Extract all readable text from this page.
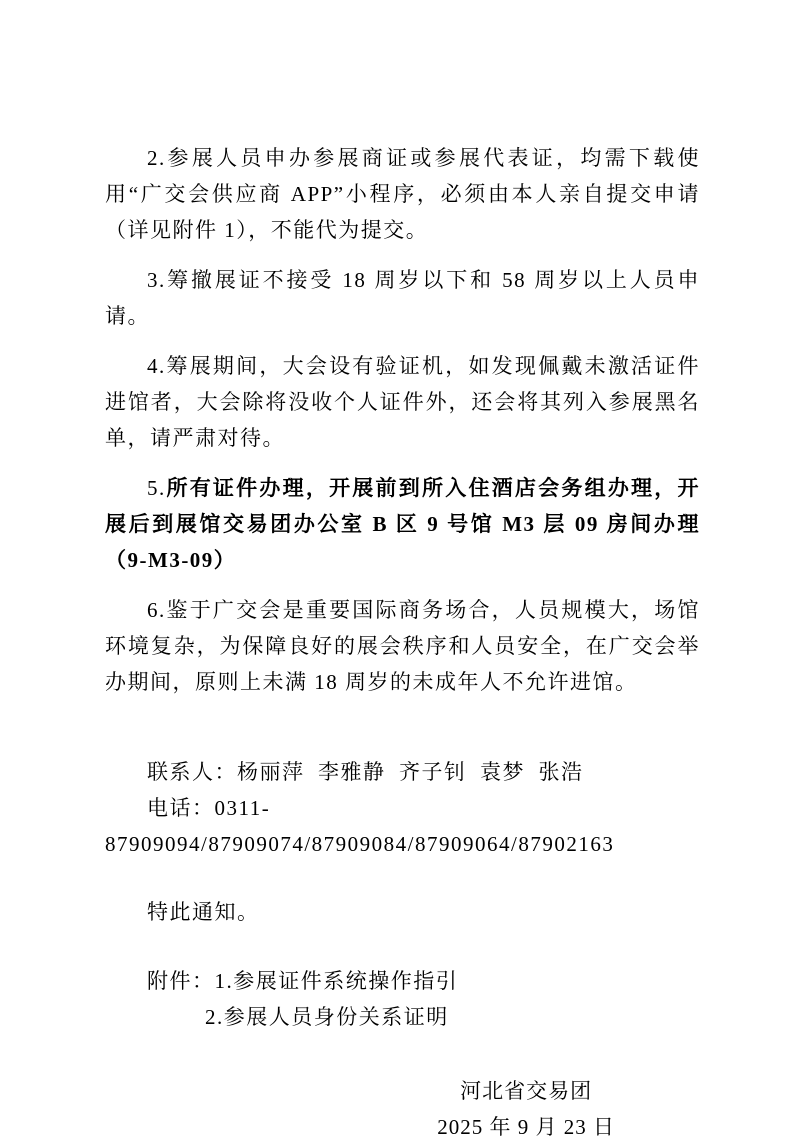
2.参展人员申办参展商证或参展代表证，均需下载使用“广交会供应商 APP”小程序，必须由本人亲自提交申请（详见附件 1），不能代为提交。

3.筹撤展证不接受 18 周岁以下和 58 周岁以上人员申请。

4.筹展期间，大会设有验证机，如发现佩戴未激活证件进馆者，大会除将没收个人证件外，还会将其列入参展黑名单，请严肃对待。

5.所有证件办理，开展前到所入住酒店会务组办理，开展后到展馆交易团办公室 B 区 9 号馆 M3 层 09 房间办理（9-M3-09）

6.鉴于广交会是重要国际商务场合，人员规模大，场馆环境复杂，为保障良好的展会秩序和人员安全，在广交会举办期间，原则上未满 18 周岁的未成年人不允许进馆。

联系人：杨丽萍  李雅静  齐子钊  袁梦  张浩

电话：0311-87909094/87909074/87909084/87909064/87902163

特此通知。

附件：1.参展证件系统操作指引

2.参展人员身份关系证明

河北省交易团

2025 年 9 月 23 日
